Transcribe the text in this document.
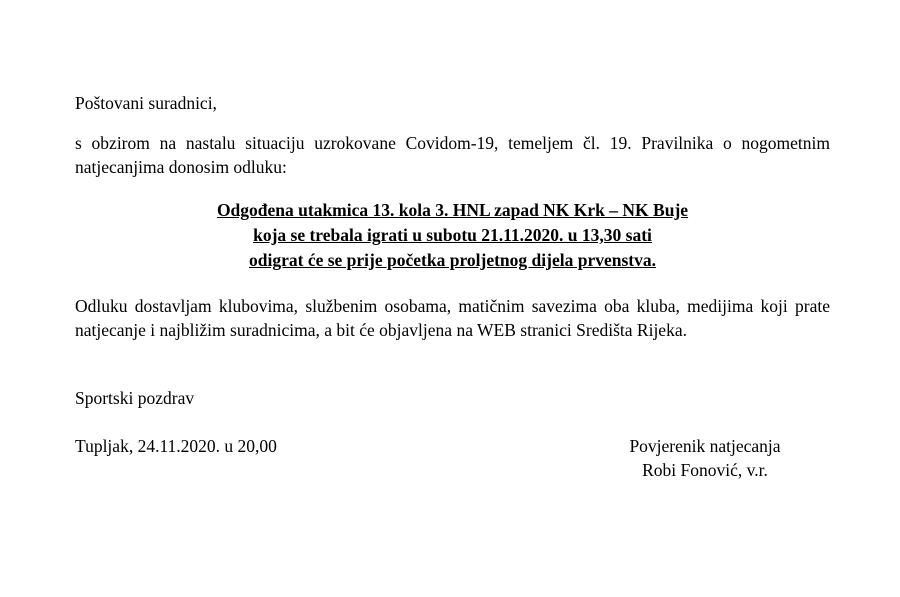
Poštovani suradnici,
s obzirom na nastalu situaciju uzrokovane Covidom-19, temeljem čl. 19. Pravilnika o nogometnim natjecanjima donosim odluku:
Odgođena utakmica 13. kola 3. HNL zapad NK Krk – NK Buje
koja se trebala igrati u subotu 21.11.2020. u 13,30 sati
odigrat će se prije početka proljetnog dijela prvenstva.
Odluku dostavljam klubovima, službenim osobama, matičnim savezima oba kluba, medijima koji prate natjecanje i najbližim suradnicima, a bit će objavljena na WEB stranici Središta Rijeka.
Sportski pozdrav
Tupljak, 24.11.2020. u 20,00	Povjerenik natjecanja
Robi Fonović, v.r.
